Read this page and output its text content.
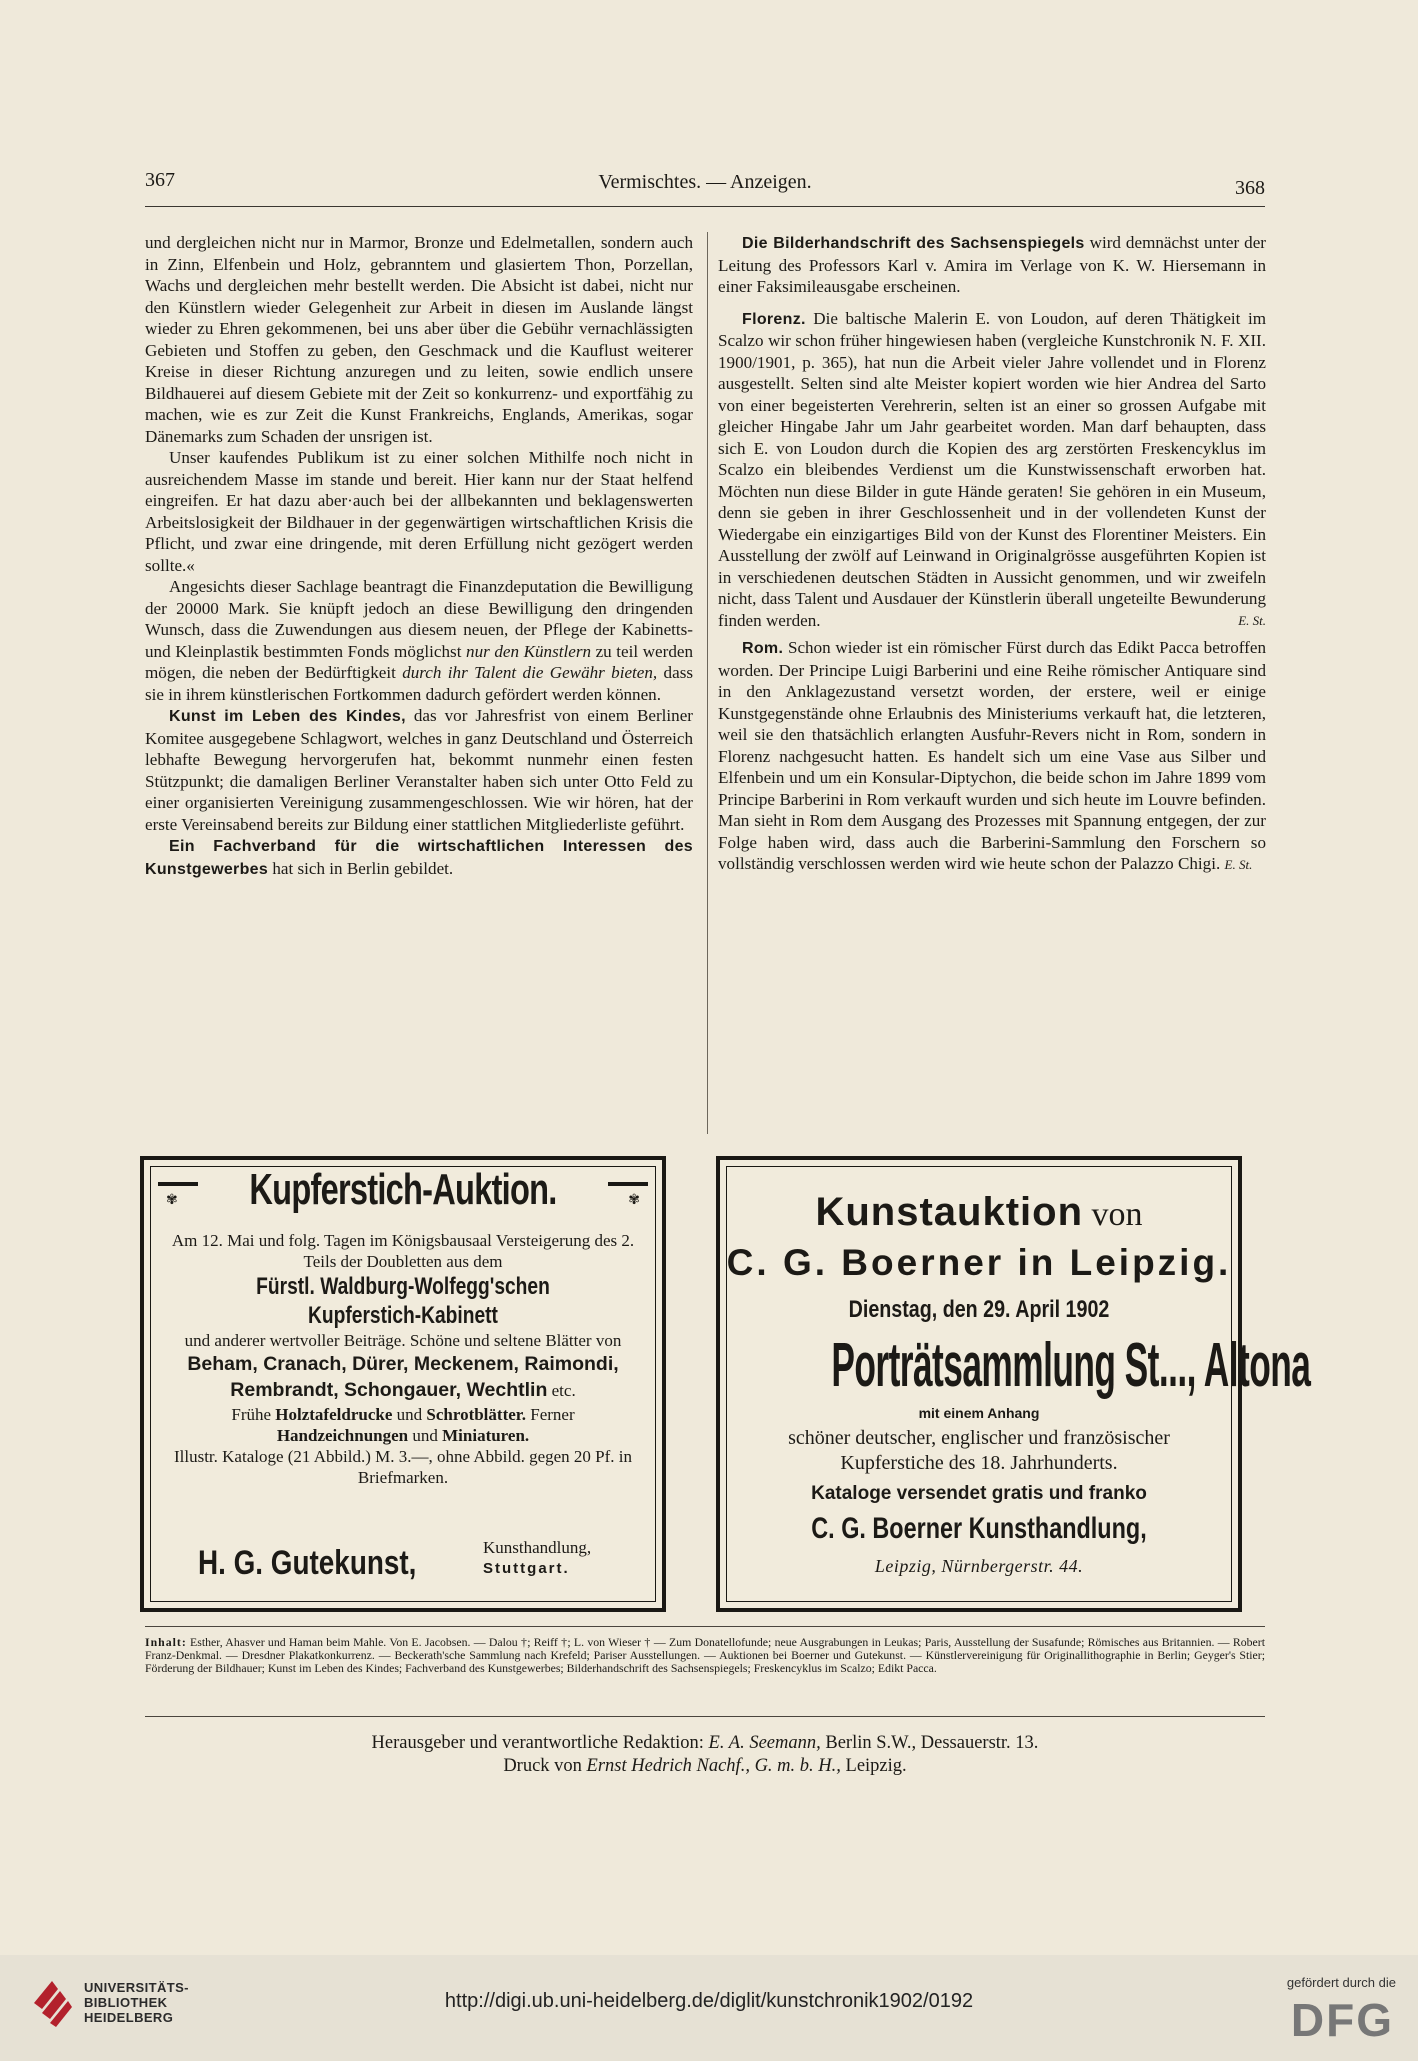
367	Vermischtes. — Anzeigen.	368

und dergleichen nicht nur in Marmor, Bronze und Edelmetallen, sondern auch in Zinn, Elfenbein und Holz, gebranntem und glasiertem Thon, Porzellan, Wachs und dergleichen mehr bestellt werden. Die Absicht ist dabei, nicht nur den Künstlern wieder Gelegenheit zur Arbeit in diesen im Auslande längst wieder zu Ehren gekommenen, bei uns aber über die Gebühr vernachlässigten Gebieten und Stoffen zu geben, den Geschmack und die Kauflust weiterer Kreise in dieser Richtung anzuregen und zu leiten, sowie endlich unsere Bildhauerei auf diesem Gebiete mit der Zeit so konkurrenz- und exportfähig zu machen, wie es zur Zeit die Kunst Frankreichs, Englands, Amerikas, sogar Dänemarks zum Schaden der unsrigen ist.

Unser kaufendes Publikum ist zu einer solchen Mithilfe noch nicht in ausreichendem Masse im stande und bereit. Hier kann nur der Staat helfend eingreifen. Er hat dazu aber·auch bei der allbekannten und beklagenswerten Arbeitslosigkeit der Bildhauer in der gegenwärtigen wirtschaftlichen Krisis die Pflicht, und zwar eine dringende, mit deren Erfüllung nicht gezögert werden sollte.«

Angesichts dieser Sachlage beantragt die Finanzdeputation die Bewilligung der 20000 Mark. Sie knüpft jedoch an diese Bewilligung den dringenden Wunsch, dass die Zuwendungen aus diesem neuen, der Pflege der Kabinetts- und Kleinplastik bestimmten Fonds möglichst nur den Künstlern zu teil werden mögen, die neben der Bedürftigkeit durch ihr Talent die Gewähr bieten, dass sie in ihrem künstlerischen Fortkommen dadurch gefördert werden können.

Kunst im Leben des Kindes, das vor Jahresfrist von einem Berliner Komitee ausgegebene Schlagwort, welches in ganz Deutschland und Österreich lebhafte Bewegung hervorgerufen hat, bekommt nunmehr einen festen Stützpunkt; die damaligen Berliner Veranstalter haben sich unter Otto Feld zu einer organisierten Vereinigung zusammengeschlossen. Wie wir hören, hat der erste Vereinsabend bereits zur Bildung einer stattlichen Mitgliederliste geführt.

Ein Fachverband für die wirtschaftlichen Interessen des Kunstgewerbes hat sich in Berlin gebildet.

Die Bilderhandschrift des Sachsenspiegels wird demnächst unter der Leitung des Professors Karl v. Amira im Verlage von K. W. Hiersemann in einer Faksimileausgabe erscheinen.

Florenz. Die baltische Malerin E. von Loudon, auf deren Thätigkeit im Scalzo wir schon früher hingewiesen haben (vergleiche Kunstchronik N. F. XII. 1900/1901, p. 365), hat nun die Arbeit vieler Jahre vollendet und in Florenz ausgestellt. Selten sind alte Meister kopiert worden wie hier Andrea del Sarto von einer begeisterten Verehrerin, selten ist an einer so grossen Aufgabe mit gleicher Hingabe Jahr um Jahr gearbeitet worden. Man darf behaupten, dass sich E. von Loudon durch die Kopien des arg zerstörten Freskencyklus im Scalzo ein bleibendes Verdienst um die Kunstwissenschaft erworben hat. Möchten nun diese Bilder in gute Hände geraten! Sie gehören in ein Museum, denn sie geben in ihrer Geschlossenheit und in der vollendeten Kunst der Wiedergabe ein einzigartiges Bild von der Kunst des Florentiner Meisters. Ein Ausstellung der zwölf auf Leinwand in Originalgrösse ausgeführten Kopien ist in verschiedenen deutschen Städten in Aussicht genommen, und wir zweifeln nicht, dass Talent und Ausdauer der Künstlerin überall ungeteilte Bewunderung finden werden.	E. St.

Rom. Schon wieder ist ein römischer Fürst durch das Edikt Pacca betroffen worden. Der Principe Luigi Barberini und eine Reihe römischer Antiquare sind in den Anklagezustand versetzt worden, der erstere, weil er einige Kunstgegenstände ohne Erlaubnis des Ministeriums verkauft hat, die letzteren, weil sie den thatsächlich erlangten Ausfuhr-Revers nicht in Rom, sondern in Florenz nachgesucht hatten. Es handelt sich um eine Vase aus Silber und Elfenbein und um ein Konsular-Diptychon, die beide schon im Jahre 1899 vom Principe Barberini in Rom verkauft wurden und sich heute im Louvre befinden. Man sieht in Rom dem Ausgang des Prozesses mit Spannung entgegen, der zur Folge haben wird, dass auch die Barberini-Sammlung den Forschern so vollständig verschlossen werden wird wie heute schon der Palazzo Chigi. E. St.

✾	✾
Kupferstich-Auktion.

Am 12. Mai und folg. Tagen im Königsbausaal Versteigerung des 2. Teils der Doubletten aus dem

Fürstl. Waldburg-Wolfegg'schen

Kupferstich-Kabinett

und anderer wertvoller Beiträge. Schöne und seltene Blätter von

Beham, Cranach, Dürer, Meckenem, Raimondi,

Rembrandt, Schongauer, Wechtlin etc.

Frühe Holztafeldrucke und Schrotblätter. Ferner Handzeichnungen und Miniaturen.

Illustr. Kataloge (21 Abbild.) M. 3.—, ohne Abbild. gegen 20 Pf. in Briefmarken.

H. G. Gutekunst,	Kunsthandlung,
Stuttgart.
Kunstauktion von
C. G. Boerner in Leipzig.
Dienstag, den 29. April 1902
Porträtsammlung St..., Altona
mit einem Anhang
schöner deutscher, englischer und französischer Kupferstiche des 18. Jahrhunderts.
Kataloge versendet gratis und franko
C. G. Boerner Kunsthandlung,
Leipzig, Nürnbergerstr. 44.
Inhalt: Esther, Ahasver und Haman beim Mahle. Von E. Jacobsen. — Dalou †; Reiff †; L. von Wieser † — Zum Donatellofunde; neue Ausgrabungen in Leukas; Paris, Ausstellung der Susafunde; Römisches aus Britannien. — Robert Franz-Denkmal. — Dresdner Plakatkonkurrenz. — Beckerath'sche Sammlung nach Krefeld; Pariser Ausstellungen. — Auktionen bei Boerner und Gutekunst. — Künstlervereinigung für Originallithographie in Berlin; Geyger's Stier; Förderung der Bildhauer; Kunst im Leben des Kindes; Fachverband des Kunstgewerbes; Bilderhandschrift des Sachsenspiegels; Freskencyklus im Scalzo; Edikt Pacca.
Herausgeber und verantwortliche Redaktion: E. A. Seemann, Berlin S.W., Dessauerstr. 13.
Druck von Ernst Hedrich Nachf., G. m. b. H., Leipzig.
UNIVERSITÄTS-
BIBLIOTHEK
HEIDELBERG
http://digi.ub.uni-heidelberg.de/diglit/kunstchronik1902/0192
gefördert durch die
DFG
